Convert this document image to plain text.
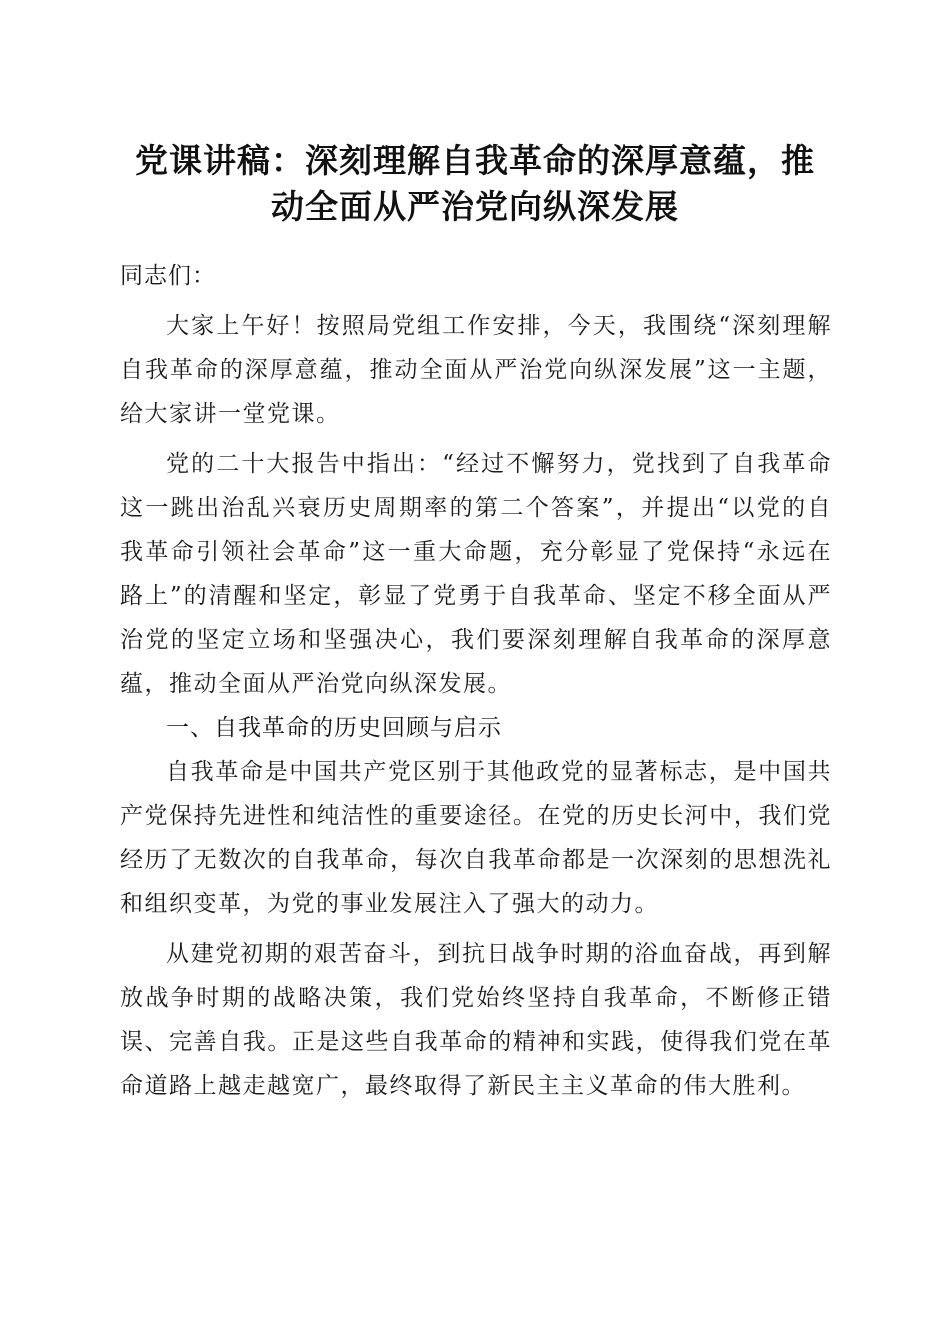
党课讲稿：深刻理解自我革命的深厚意蕴，推
动全面从严治党向纵深发展

同志们：

大家上午好！按照局党组工作安排，今天，我围绕“深刻理解自我革命的深厚意蕴，推动全面从严治党向纵深发展”这一主题，给大家讲一堂党课。

党的二十大报告中指出：“经过不懈努力，党找到了自我革命这一跳出治乱兴衰历史周期率的第二个答案”，并提出“以党的自我革命引领社会革命”这一重大命题，充分彰显了党保持“永远在路上”的清醒和坚定，彰显了党勇于自我革命、坚定不移全面从严治党的坚定立场和坚强决心，我们要深刻理解自我革命的深厚意蕴，推动全面从严治党向纵深发展。

一、自我革命的历史回顾与启示

自我革命是中国共产党区别于其他政党的显著标志，是中国共产党保持先进性和纯洁性的重要途径。在党的历史长河中，我们党经历了无数次的自我革命，每次自我革命都是一次深刻的思想洗礼和组织变革，为党的事业发展注入了强大的动力。

从建党初期的艰苦奋斗，到抗日战争时期的浴血奋战，再到解放战争时期的战略决策，我们党始终坚持自我革命，不断修正错误、完善自我。正是这些自我革命的精神和实践，使得我们党在革命道路上越走越宽广，最终取得了新民主主义革命的伟大胜利。
